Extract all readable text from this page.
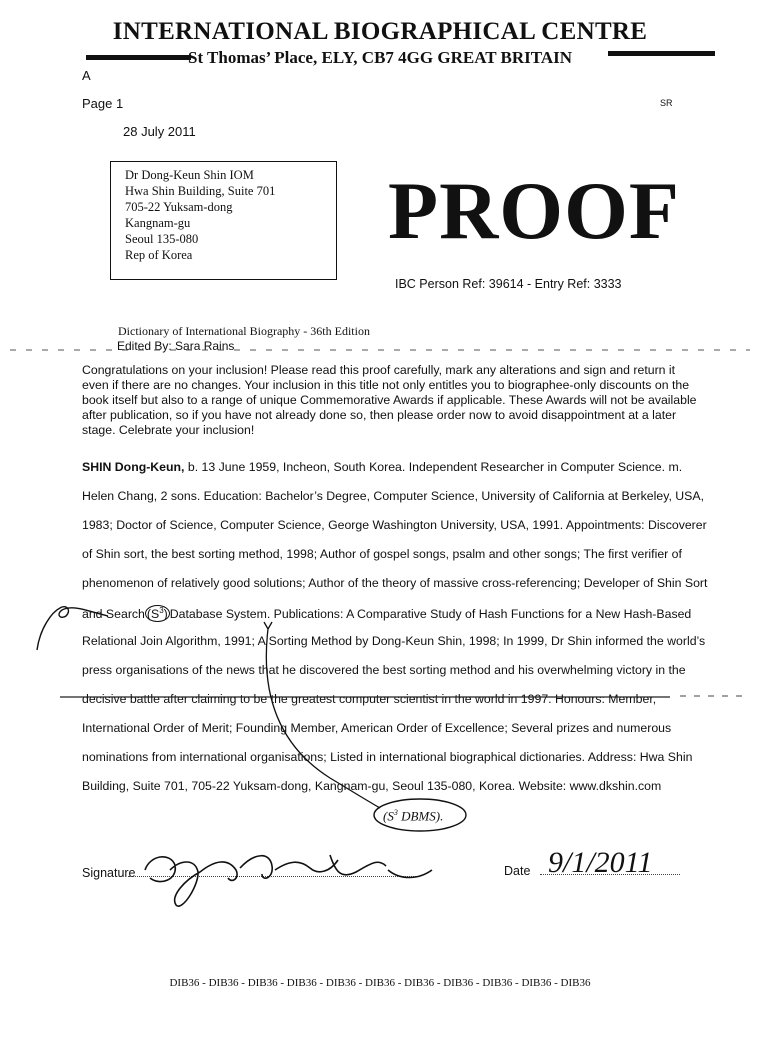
INTERNATIONAL BIOGRAPHICAL CENTRE
St Thomas’ Place, ELY, CB7 4GG GREAT BRITAIN
A
Page 1	SR
28 July 2011
Dr Dong-Keun Shin IOM
Hwa Shin Building, Suite 701
705-22 Yuksam-dong
Kangnam-gu
Seoul 135-080
Rep of Korea	PROOF
IBC Person Ref: 39614 - Entry Ref: 3333
Dictionary of International Biography - 36th Edition
Edited By: Sara Rains
Congratulations on your inclusion! Please read this proof carefully, mark any alterations and sign and return it even if there are no changes. Your inclusion in this title not only entitles you to biographee-only discounts on the book itself but also to a range of unique Commemorative Awards if applicable. These Awards will not be available after publication, so if you have not already done so, then please order now to avoid disappointment at a later stage. Celebrate your inclusion!
SHIN Dong-Keun, b. 13 June 1959, Incheon, South Korea. Independent Researcher in Computer Science. m.
Helen Chang, 2 sons. Education: Bachelor’s Degree, Computer Science, University of California at Berkeley, USA,
1983; Doctor of Science, Computer Science, George Washington University, USA, 1991. Appointments: Discoverer
of Shin sort, the best sorting method, 1998; Author of gospel songs, psalm and other songs; The first verifier of
phenomenon of relatively good solutions; Author of the theory of massive cross-referencing; Developer of Shin Sort
and Search $(S^3)$ Database System. Publications: A Comparative Study of Hash Functions for a New Hash-Based
Relational Join Algorithm, 1991; A Sorting Method by Dong-Keun Shin, 1998; In 1999, Dr Shin informed the world’s
press organisations of the news that he discovered the best sorting method and his overwhelming victory in the
decisive battle after claiming to be the greatest computer scientist in the world in 1997. Honours: Member,
International Order of Merit; Founding Member, American Order of Excellence; Several prizes and numerous
nominations from international organisations; Listed in international biographical dictionaries. Address: Hwa Shin
Building, Suite 701, 705-22 Yuksam-dong, Kangnam-gu, Seoul 135-080, Korea. Website: www.dkshin.com
($S^3$ DBMS).
Signature	Date 9/1/2011
DIB36 - DIB36 - DIB36 - DIB36 - DIB36 - DIB36 - DIB36 - DIB36 - DIB36 - DIB36 - DIB36
